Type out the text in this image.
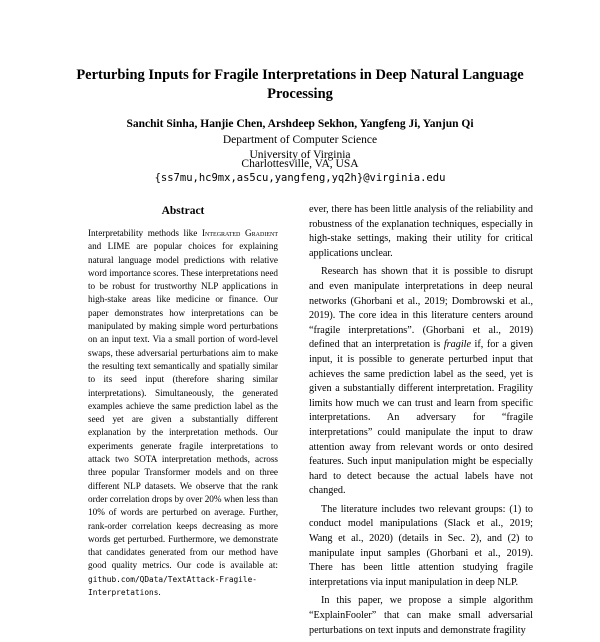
Perturbing Inputs for Fragile Interpretations in Deep Natural Language
Processing
Sanchit Sinha, Hanjie Chen, Arshdeep Sekhon, Yangfeng Ji, Yanjun Qi
Department of Computer Science
University of Virginia
Charlottesville, VA, USA
{ss7mu,hc9mx,as5cu,yangfeng,yq2h}@virginia.edu
Abstract

Interpretability methods like Integrated Gradient and LIME are popular choices for explaining natural language model predictions with relative word importance scores. These interpretations need to be robust for trustworthy NLP applications in high-stake areas like medicine or finance. Our paper demonstrates how interpretations can be manipulated by making simple word perturbations on an input text. Via a small portion of word-level swaps, these adversarial perturbations aim to make the resulting text semantically and spatially similar to its seed input (therefore sharing similar interpretations). Simultaneously, the generated examples achieve the same prediction label as the seed yet are given a substantially different explanation by the interpretation methods. Our experiments generate fragile interpretations to attack two SOTA interpretation methods, across three popular Transformer models and on three different NLP datasets. We observe that the rank order correlation drops by over 20% when less than 10% of words are perturbed on average. Further, rank-order correlation keeps decreasing as more words get perturbed. Furthermore, we demonstrate that candidates generated from our method have good quality metrics. Our code is available at: github.com/QData/TextAttack-Fragile-Interpretations.

ever, there has been little analysis of the reliability and robustness of the explanation techniques, especially in high-stake settings, making their utility for critical applications unclear.

Research has shown that it is possible to disrupt and even manipulate interpretations in deep neural networks (Ghorbani et al., 2019; Dombrowski et al., 2019). The core idea in this literature centers around “fragile interpretations”. (Ghorbani et al., 2019) defined that an interpretation is fragile if, for a given input, it is possible to generate perturbed input that achieves the same prediction label as the seed, yet is given a substantially different interpretation. Fragility limits how much we can trust and learn from specific interpretations. An adversary for “fragile interpretations” could manipulate the input to draw attention away from relevant words or onto desired features. Such input manipulation might be especially hard to detect because the actual labels have not changed.

The literature includes two relevant groups: (1) to conduct model manipulations (Slack et al., 2019; Wang et al., 2020) (details in Sec. 2), and (2) to manipulate input samples (Ghorbani et al., 2019). There has been little attention studying fragile interpretations via input manipulation in deep NLP.

In this paper, we propose a simple algorithm “ExplainFooler” that can make small adversarial perturbations on text inputs and demonstrate fragility
